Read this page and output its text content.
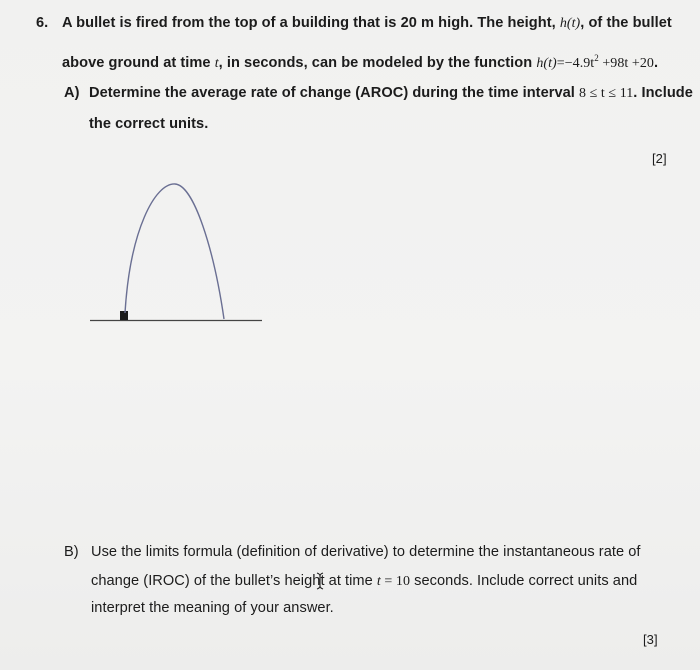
6. A bullet is fired from the top of a building that is 20 m high. The height, h(t), of the bullet
above ground at time t, in seconds, can be modeled by the function $h(t)=-4.9t^2 +98t +20$.
A) Determine the average rate of change (AROC) during the time interval 8 ≤ t ≤ 11. Include
the correct units.
[2]
B) Use the limits formula (definition of derivative) to determine the instantaneous rate of
change (IROC) of the bullet’s height at time t = 10 seconds. Include correct units and
interpret the meaning of your answer.
[3]
